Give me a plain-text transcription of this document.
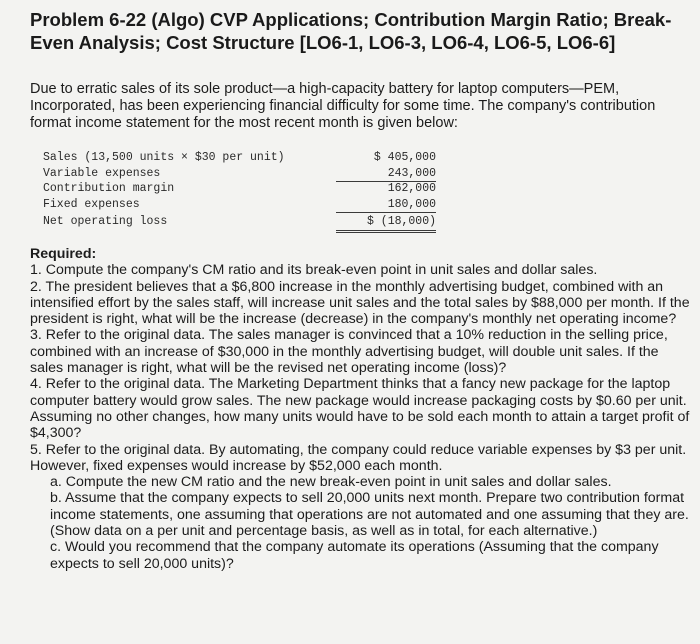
Problem 6-22 (Algo) CVP Applications; Contribution Margin Ratio; Break-Even Analysis; Cost Structure [LO6-1, LO6-3, LO6-4, LO6-5, LO6-6]

Due to erratic sales of its sole product—a high-capacity battery for laptop computers—PEM, Incorporated, has been experiencing financial difficulty for some time. The company's contribution format income statement for the most recent month is given below:

Sales (13,500 units × $30 per unit)	$ 405,000
Variable expenses	243,000
Contribution margin	162,000
Fixed expenses	180,000
Net operating loss	$ (18,000)

Required:

1. Compute the company's CM ratio and its break-even point in unit sales and dollar sales.

2. The president believes that a $6,800 increase in the monthly advertising budget, combined with an intensified effort by the sales staff, will increase unit sales and the total sales by $88,000 per month. If the president is right, what will be the increase (decrease) in the company's monthly net operating income?

3. Refer to the original data. The sales manager is convinced that a 10% reduction in the selling price, combined with an increase of $30,000 in the monthly advertising budget, will double unit sales. If the sales manager is right, what will be the revised net operating income (loss)?

4. Refer to the original data. The Marketing Department thinks that a fancy new package for the laptop computer battery would grow sales. The new package would increase packaging costs by $0.60 per unit. Assuming no other changes, how many units would have to be sold each month to attain a target profit of $4,300?

5. Refer to the original data. By automating, the company could reduce variable expenses by $3 per unit. However, fixed expenses would increase by $52,000 each month.

a. Compute the new CM ratio and the new break-even point in unit sales and dollar sales.

b. Assume that the company expects to sell 20,000 units next month. Prepare two contribution format income statements, one assuming that operations are not automated and one assuming that they are. (Show data on a per unit and percentage basis, as well as in total, for each alternative.)

c. Would you recommend that the company automate its operations (Assuming that the company expects to sell 20,000 units)?
